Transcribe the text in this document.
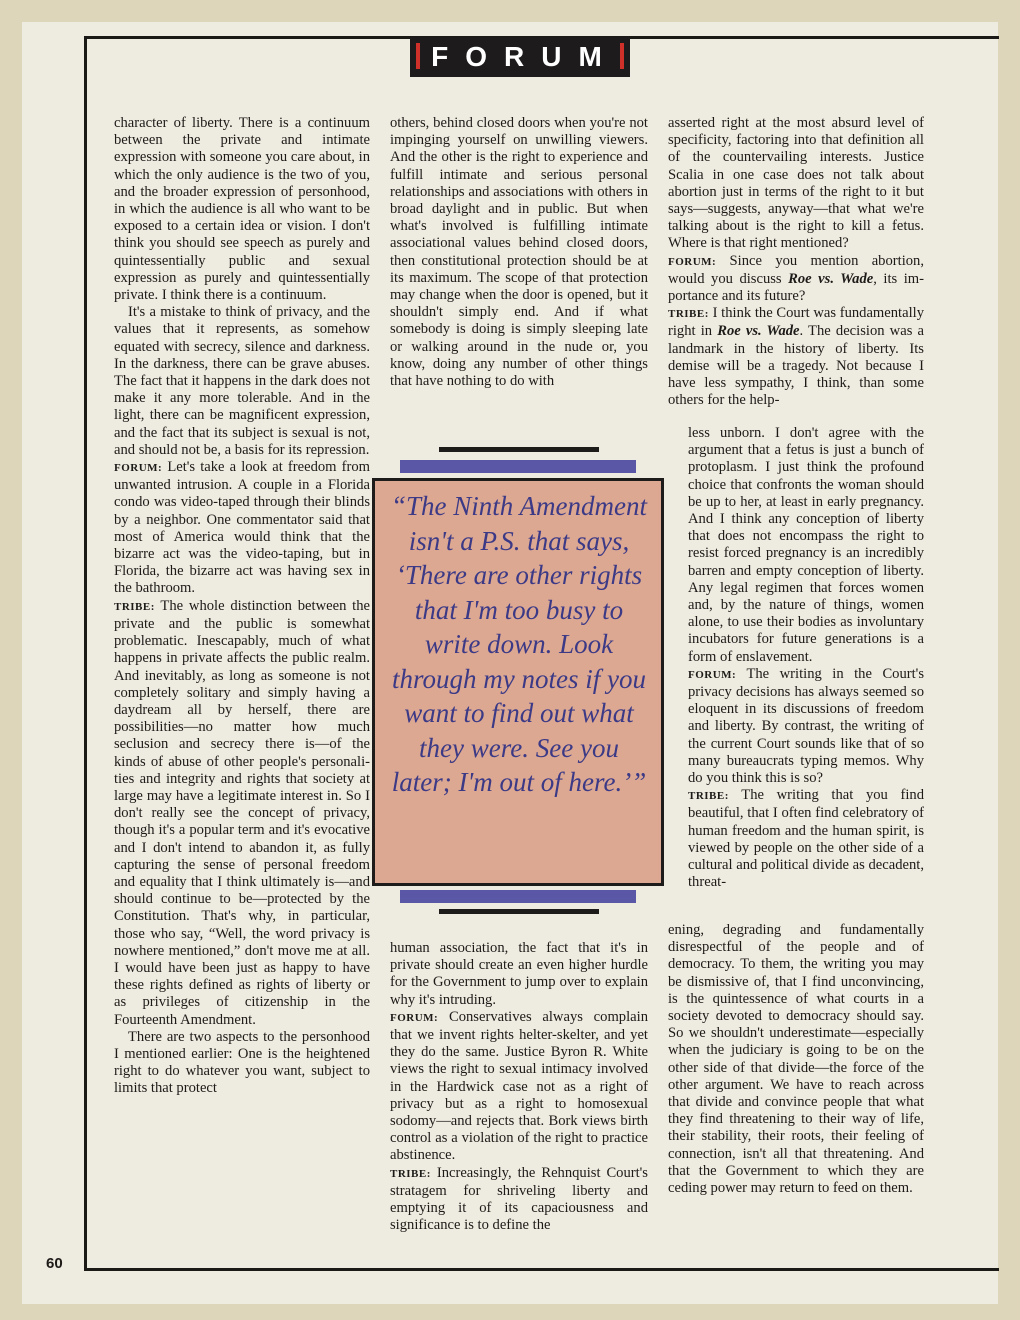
FORUM

character of liberty. There is a continuum between the private and intimate expression with someone you care about, in which the only audience is the two of you, and the broader expression of personhood, in which the audience is all who want to be exposed to a certain idea or vision. I don't think you should see speech as purely and quintessentially public and sexual expression as purely and quintessentially private. I think there is a continuum.

It's a mistake to think of privacy, and the values that it represents, as somehow equated with secrecy, silence and darkness. In the darkness, there can be grave abuses. The fact that it happens in the dark does not make it any more tolerable. And in the light, there can be magnificent expression, and the fact that its subject is sexual is not, and should not be, a basis for its repression.

FORUM: Let's take a look at freedom from unwanted intrusion. A couple in a Florida condo was video-taped through their blinds by a neighbor. One commentator said that most of America would think that the bizarre act was the video-taping, but in Florida, the bizarre act was having sex in the bathroom.

TRIBE: The whole distinction between the private and the public is somewhat problematic. Inescapably, much of what happens in private affects the public realm. And inevitably, as long as someone is not completely solitary and simply having a daydream all by herself, there are possibilities—no matter how much seclusion and secrecy there is—of the kinds of abuse of other people's personalities and integrity and rights that society at large may have a legitimate interest in. So I don't really see the concept of privacy, though it's a popular term and it's evocative and I don't intend to abandon it, as fully capturing the sense of personal freedom and equality that I think ultimately is—and should continue to be—protected by the Constitution. That's why, in particular, those who say, “Well, the word privacy is nowhere mentioned,” don't move me at all. I would have been just as happy to have these rights defined as rights of liberty or as privileges of citizenship in the Fourteenth Amendment.

There are two aspects to the personhood I mentioned earlier: One is the heightened right to do whatever you want, subject to limits that protect

others, behind closed doors when you're not impinging yourself on unwilling viewers. And the other is the right to experience and fulfill intimate and serious personal relationships and associations with others in broad daylight and in public. But when what's involved is fulfilling intimate associational values behind closed doors, then constitutional protection should be at its maximum. The scope of that protection may change when the door is opened, but it shouldn't simply end. And if what somebody is doing is simply sleeping late or walking around in the nude or, you know, doing any number of other things that have nothing to do with

“The Ninth Amendment isn't a P.S. that says, ‘There are other rights that I'm too busy to write down. Look through my notes if you want to find out what they were. See you later; I'm out of here.’”

human association, the fact that it's in private should create an even higher hurdle for the Government to jump over to explain why it's intruding.

FORUM: Conservatives always complain that we invent rights helter-skelter, and yet they do the same. Justice Byron R. White views the right to sexual intimacy involved in the Hardwick case not as a right of privacy but as a right to homosexual sodomy—and rejects that. Bork views birth control as a violation of the right to practice abstinence.

TRIBE: Increasingly, the Rehnquist Court's stratagem for shriveling liberty and emptying it of its capaciousness and significance is to define the

asserted right at the most absurd level of specificity, factoring into that definition all of the countervailing interests. Justice Scalia in one case does not talk about abortion just in terms of the right to it but says—suggests, anyway—that what we're talking about is the right to kill a fetus. Where is that right mentioned?

FORUM: Since you mention abortion, would you discuss Roe vs. Wade, its importance and its future?

TRIBE: I think the Court was fundamentally right in Roe vs. Wade. The decision was a landmark in the history of liberty. Its demise will be a tragedy. Not because I have less sympathy, I think, than some others for the help-

less unborn. I don't agree with the argument that a fetus is just a bunch of protoplasm. I just think the profound choice that confronts the woman should be up to her, at least in early pregnancy. And I think any conception of liberty that does not encompass the right to resist forced pregnancy is an incredibly barren and empty conception of liberty. Any legal regimen that forces women and, by the nature of things, women alone, to use their bodies as involuntary incubators for future generations is a form of enslavement.

FORUM: The writing in the Court's privacy decisions has always seemed so eloquent in its discussions of freedom and liberty. By contrast, the writing of the current Court sounds like that of so many bureaucrats typing memos. Why do you think this is so?

TRIBE: The writing that you find beautiful, that I often find celebratory of human freedom and the human spirit, is viewed by people on the other side of a cultural and political divide as decadent, threat-

ening, degrading and fundamentally disrespectful of the people and of democracy. To them, the writing you may be dismissive of, that I find unconvincing, is the quintessence of what courts in a society devoted to democracy should say. So we shouldn't underestimate—especially when the judiciary is going to be on the other side of that divide—the force of the other argument. We have to reach across that divide and convince people that what they find threatening to their way of life, their stability, their roots, their feeling of connection, isn't all that threatening. And that the Government to which they are ceding power may return to feed on them.

60
